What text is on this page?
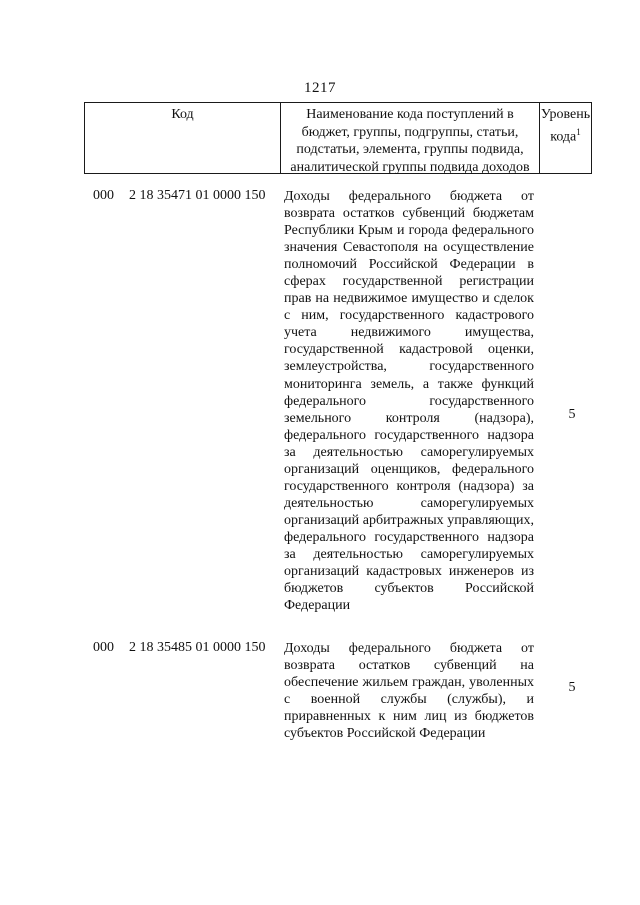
1217
Код	Наименование кода поступлений в бюджет, группы, подгруппы, статьи, подстатьи, элемента, группы подвида, аналитической группы подвида доходов
Уровень кода$^1$
000 2 18 35471 01 0000 150 Доходы федерального бюджета от возврата остатков субвенций бюджетам Республики Крым и города федерального значения Севастополя на осуществление полномочий Российской Федерации в сферах государственной регистрации прав на недвижимое имущество и сделок с ним, государственного кадастрового учета недвижимого имущества, государственной кадастровой оценки, землеустройства, государственного мониторинга земель, а также функций федерального государственного земельного контроля (надзора), федерального государственного надзора за деятельностью саморегулируемых организаций оценщиков, федерального государственного контроля (надзора) за деятельностью саморегулируемых организаций арбитражных управляющих, федерального государственного надзора за деятельностью саморегулируемых организаций кадастровых инженеров из бюджетов субъектов Российской Федерации
5
000 2 18 35485 01 0000 150 Доходы федерального бюджета от возврата остатков субвенций на обеспечение жильем граждан, уволенных с военной службы (службы), и приравненных к ним лиц из бюджетов субъектов Российской Федерации
5
